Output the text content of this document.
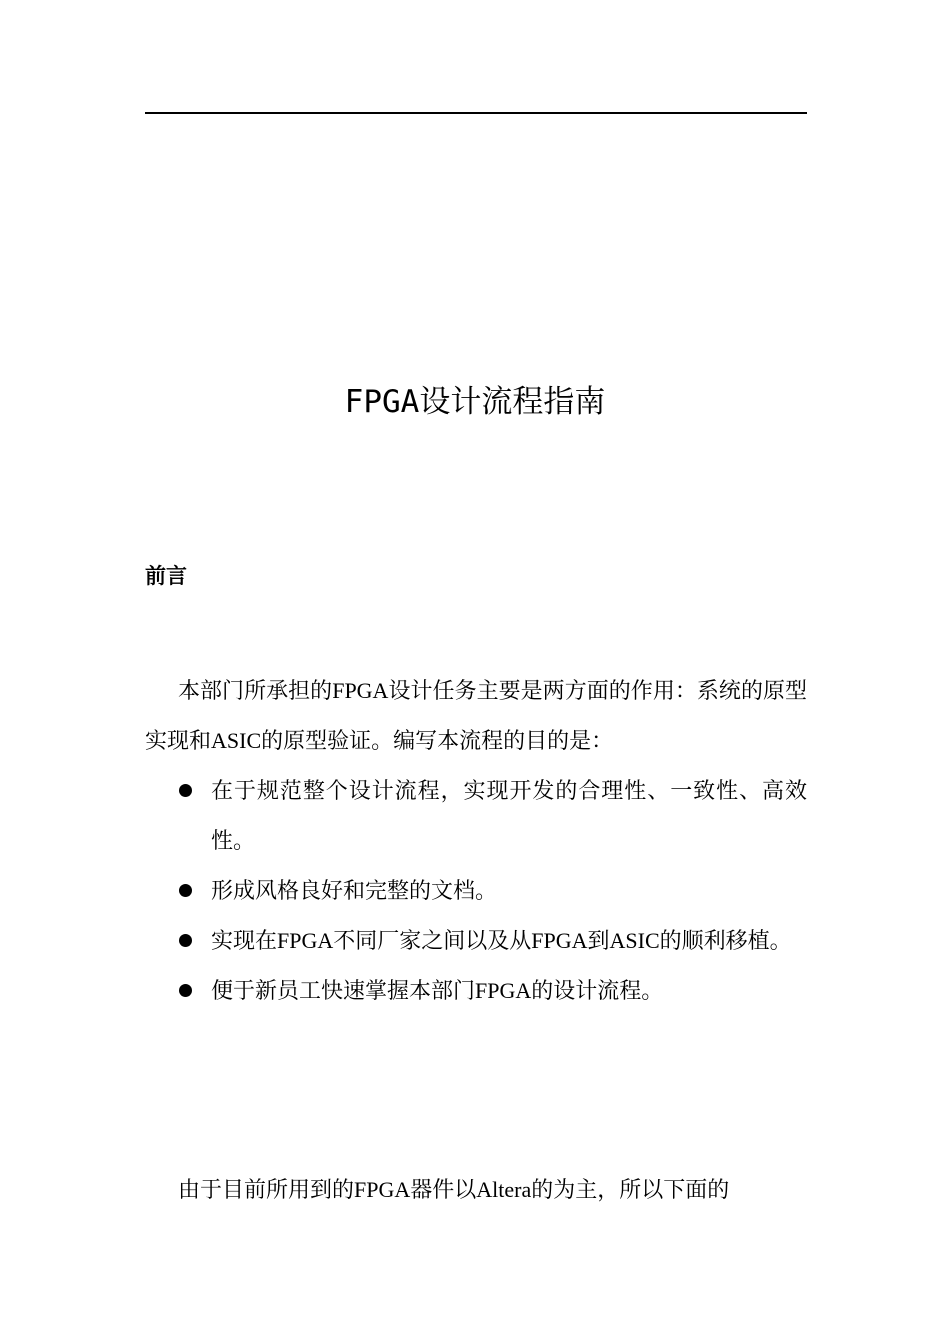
FPGA设计流程指南
前言

本部门所承担的FPGA设计任务主要是两方面的作用：系统的原型实现和ASIC的原型验证。编写本流程的目的是：

在于规范整个设计流程，实现开发的合理性、一致性、高效性。
形成风格良好和完整的文档。
实现在FPGA不同厂家之间以及从FPGA到ASIC的顺利移植。
便于新员工快速掌握本部门FPGA的设计流程。

由于目前所用到的FPGA器件以Altera的为主，所以下面的
